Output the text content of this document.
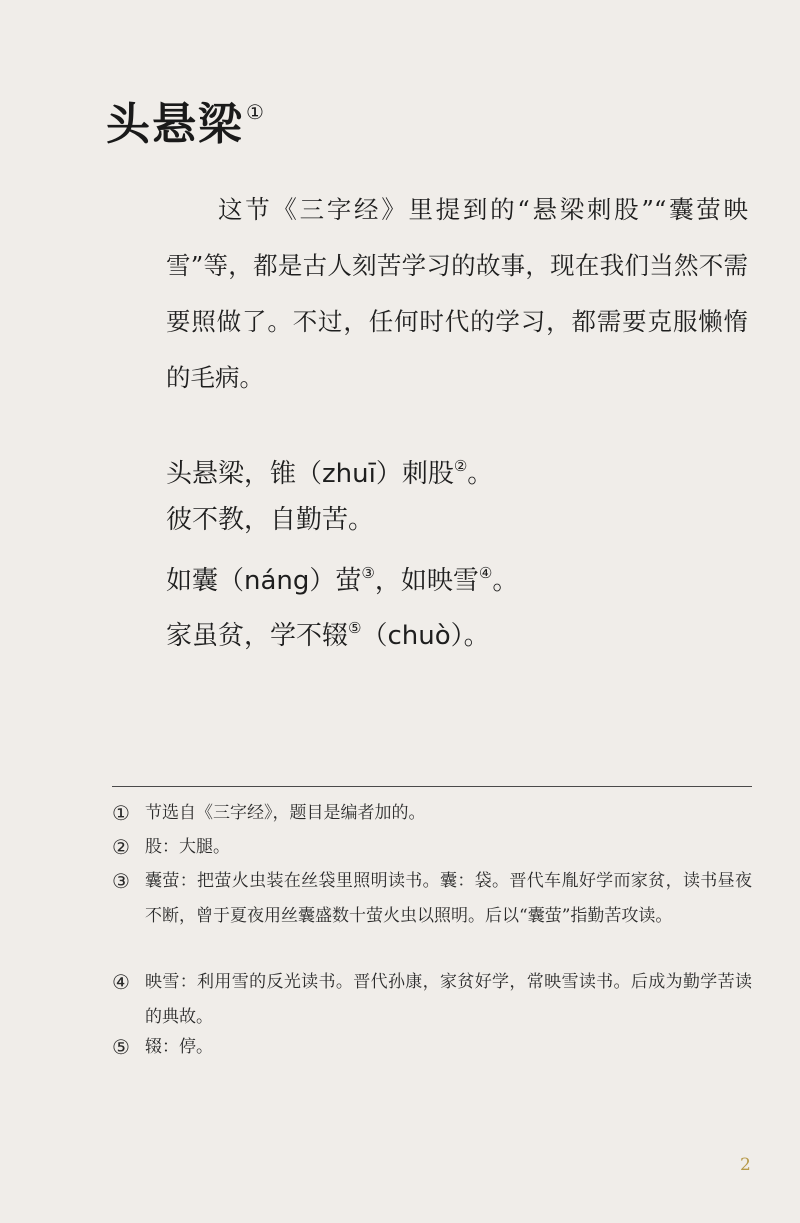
头悬梁 ①
这节《三字经》里提到的“悬梁刺股”“囊萤映雪”等，都是古人刻苦学习的故事，现在我们当然不需要照做了。不过，任何时代的学习，都需要克服懒惰的毛病。
头悬梁，锥（zhuī）刺股②。
彼不教，自勤苦。
如囊（náng）萤③，如映雪④。
家虽贫，学不辍⑤（chuò）。
① 节选自《三字经》，题目是编者加的。
② 股：大腿。
③ 囊萤：把萤火虫装在丝袋里照明读书。囊：袋。晋代车胤好学而家贫，读书昼夜不断，曾于夏夜用丝囊盛数十萤火虫以照明。后以“囊萤”指勤苦攻读。
④ 映雪：利用雪的反光读书。晋代孙康，家贫好学，常映雪读书。后成为勤学苦读的典故。
⑤ 辍：停。
2
